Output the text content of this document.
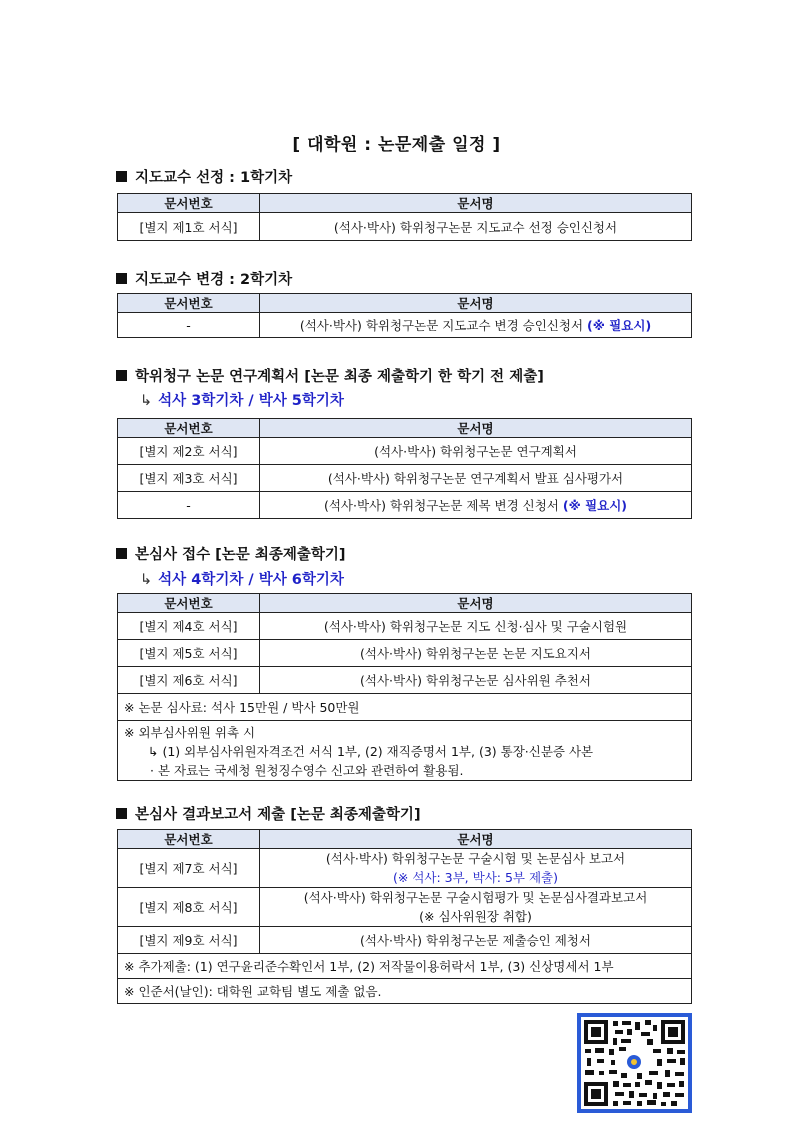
[ 대학원 : 논문제출 일정 ]
지도교수 선정 : 1학기차
문서번호	문서명
[별지 제1호 서식]	(석사·박사) 학위청구논문 지도교수 선정 승인신청서
지도교수 변경 : 2학기차
문서번호	문서명
-	(석사·박사) 학위청구논문 지도교수 변경 승인신청서 (※ 필요시)
학위청구 논문 연구계획서 [논문 최종 제출학기 한 학기 전 제출]
↳ 석사 3학기차 / 박사 5학기차
문서번호	문서명
[별지 제2호 서식]	(석사·박사) 학위청구논문 연구계획서
[별지 제3호 서식]	(석사·박사) 학위청구논문 연구계획서 발표 심사평가서
-	(석사·박사) 학위청구논문 제목 변경 신청서 (※ 필요시)
본심사 접수 [논문 최종제출학기]
↳ 석사 4학기차 / 박사 6학기차
문서번호	문서명
[별지 제4호 서식]	(석사·박사) 학위청구논문 지도 신청·심사 및 구술시험원
[별지 제5호 서식]	(석사·박사) 학위청구논문 논문 지도요지서
[별지 제6호 서식]	(석사·박사) 학위청구논문 심사위원 추천서
※ 논문 심사료: 석사 15만원 / 박사 50만원	

※ 외부심사위원 위촉 시
↳ (1) 외부심사위원자격조건 서식 1부, (2) 재직증명서 1부, (3) 통장·신분증 사본
· 본 자료는 국세청 원청징수영수 신고와 관련하여 활용됨.	
본심사 결과보고서 제출 [논문 최종제출학기]
문서번호	문서명
[별지 제7호 서식]	(석사·박사) 학위청구논문 구술시험 및 논문심사 보고서
(※ 석사: 3부, 박사: 5부 제출)

[별지 제8호 서식]	(석사·박사) 학위청구논문 구술시험평가 및 논문심사결과보고서
(※ 심사위원장 취합)

[별지 제9호 서식]	(석사·박사) 학위청구논문 제출승인 제청서
※ 추가제출: (1) 연구윤리준수확인서 1부, (2) 저작물이용허락서 1부, (3) 신상명세서 1부	
※ 인준서(날인): 대학원 교학팀 별도 제출 없음.	
